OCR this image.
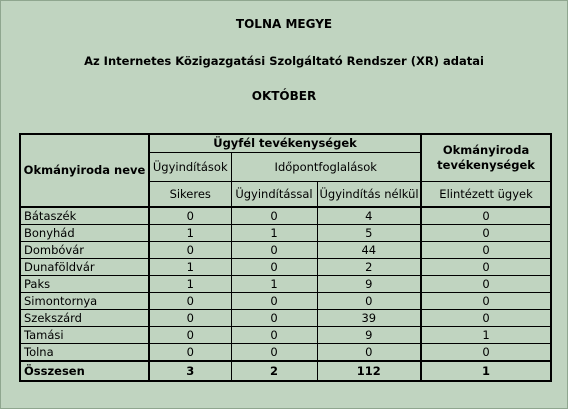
TOLNA MEGYE
Az Internetes Közigazgatási Szolgáltató Rendszer (XR) adatai
OKTÓBER
Okmányiroda neve	Ügyfél tevékenységek			Okmányiroda tevékenységek
	Ügyindítások	Időpontfoglalások		
	Sikeres	Ügyindítással	Ügyindítás nélkül	Elintézett ügyek
Bátaszék	0	0	4	0
Bonyhád	1	1	5	0
Dombóvár	0	0	44	0
Dunaföldvár	1	0	2	0
Paks	1	1	9	0
Simontornya	0	0	0	0
Szekszárd	0	0	39	0
Tamási	0	0	9	1
Tolna	0	0	0	0
Összesen	3	2	112	1
